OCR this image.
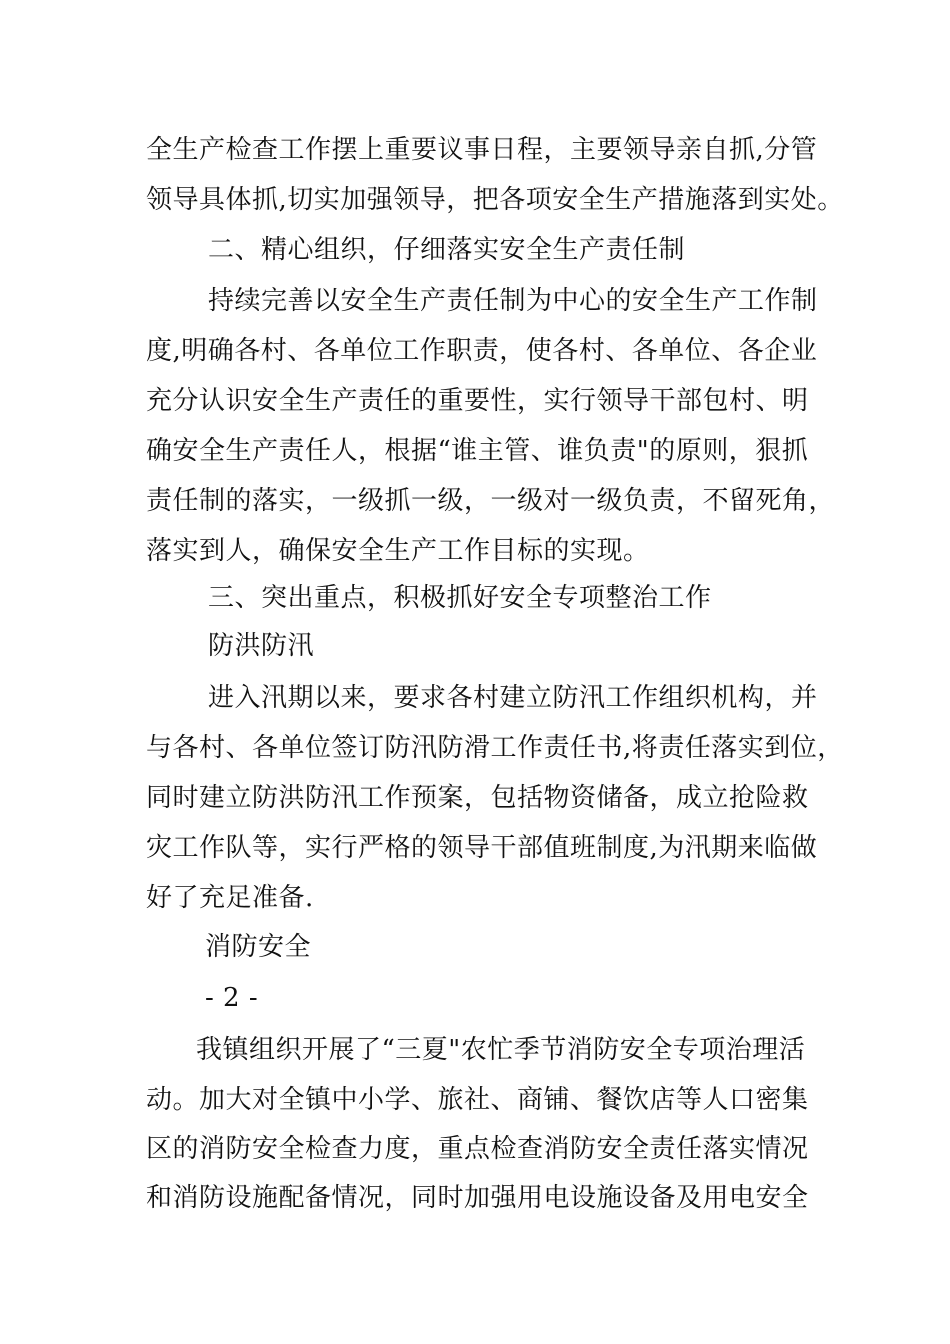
全生产检查工作摆上重要议事日程，主要领导亲自抓,分管
领导具体抓,切实加强领导，把各项安全生产措施落到实处。
二、精心组织，仔细落实安全生产责任制
持续完善以安全生产责任制为中心的安全生产工作制
度,明确各村、各单位工作职责，使各村、各单位、各企业
充分认识安全生产责任的重要性，实行领导干部包村、明
确安全生产责任人，根据“谁主管、谁负责"的原则，狠抓
责任制的落实，一级抓一级，一级对一级负责，不留死角，
落实到人，确保安全生产工作目标的实现。
三、突出重点，积极抓好安全专项整治工作
防洪防汛
进入汛期以来，要求各村建立防汛工作组织机构，并
与各村、各单位签订防汛防滑工作责任书,将责任落实到位，
同时建立防洪防汛工作预案，包括物资储备，成立抢险救
灾工作队等，实行严格的领导干部值班制度,为汛期来临做
好了充足准备.
消防安全
- 2 -
我镇组织开展了“三夏"农忙季节消防安全专项治理活
动。加大对全镇中小学、旅社、商铺、餐饮店等人口密集
区的消防安全检查力度，重点检查消防安全责任落实情况
和消防设施配备情况，同时加强用电设施设备及用电安全
